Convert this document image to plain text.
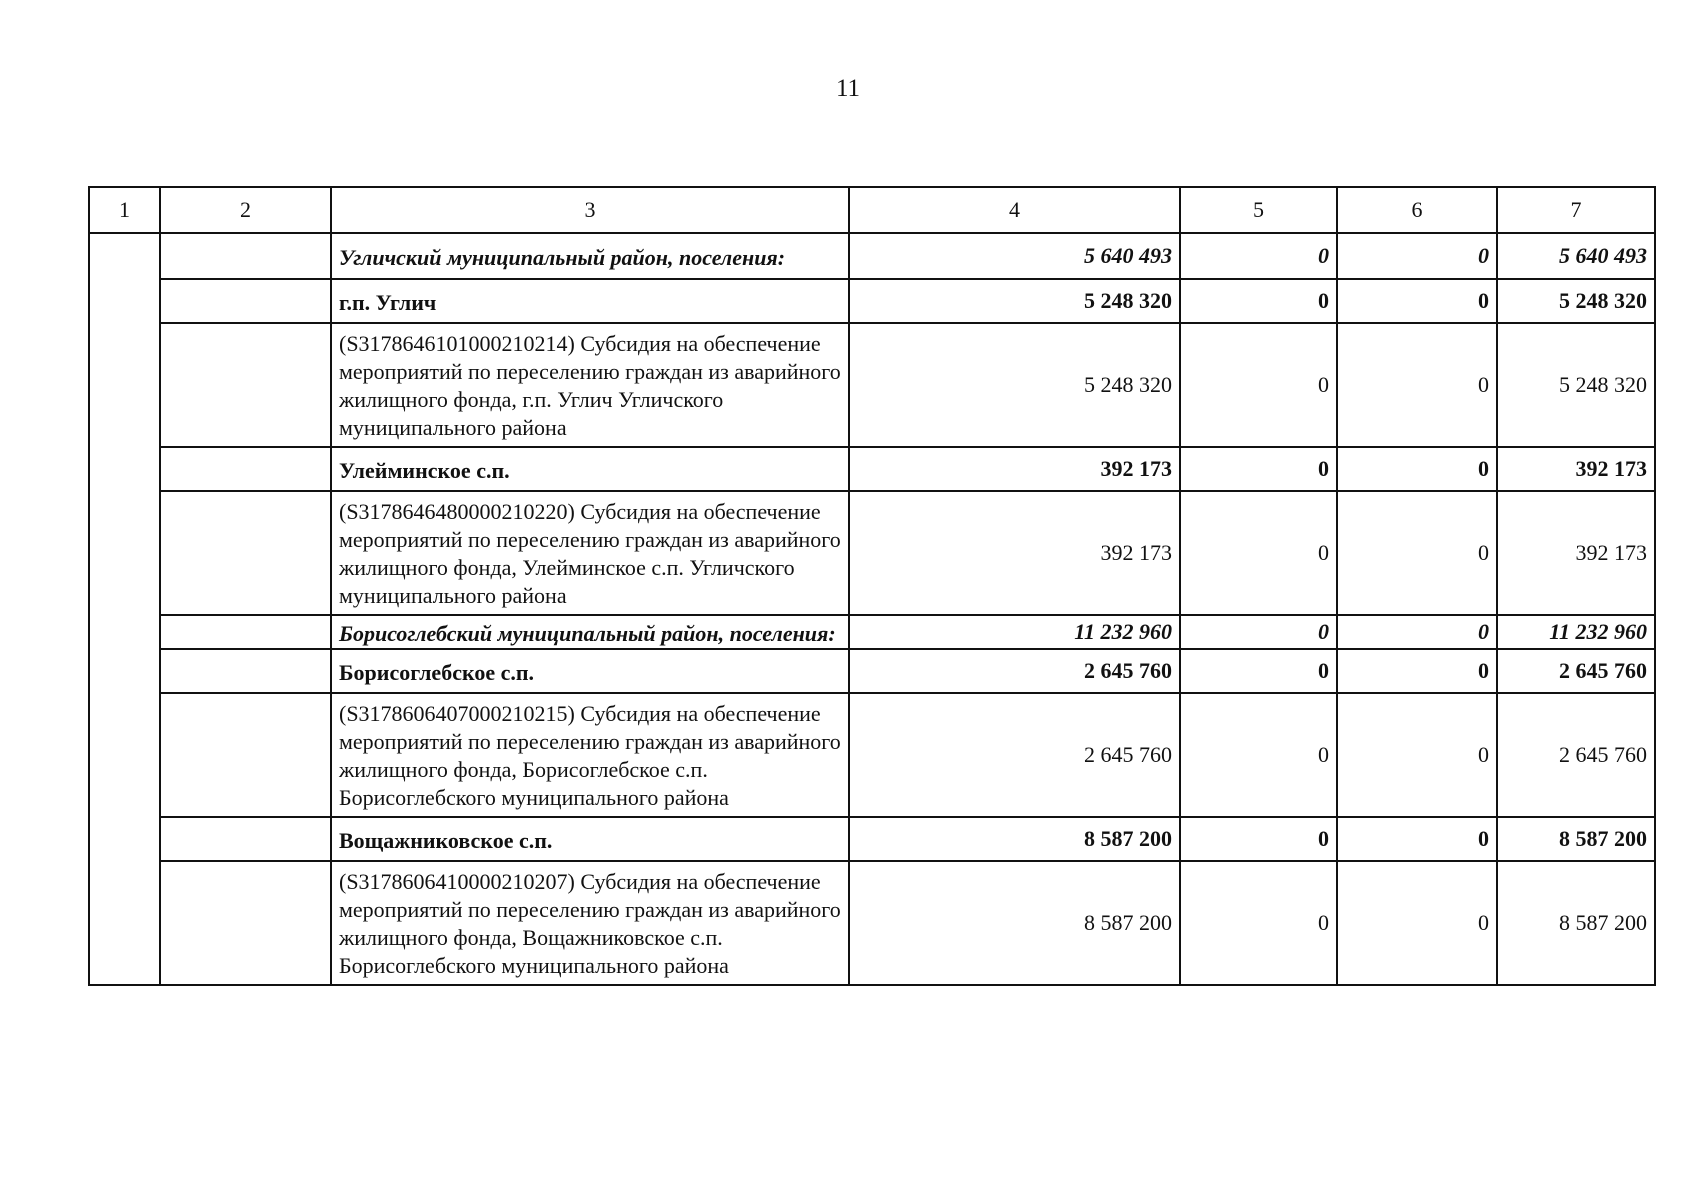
11
1	2	3	4	5	6	7
		Угличский муниципальный район, поселения:	5 640 493	0	0	5 640 493
		г.п. Углич	5 248 320	0	0	5 248 320
		(S3178646101000210214) Субсидия на обеспечение мероприятий по переселению граждан из аварийного жилищного фонда, г.п. Углич Угличского муниципального района	5 248 320	0	0	5 248 320
		Улейминское с.п.	392 173	0	0	392 173
		(S3178646480000210220) Субсидия на обеспечение мероприятий по переселению граждан из аварийного жилищного фонда, Улейминское с.п. Угличского муниципального района	392 173	0	0	392 173
		Борисоглебский муниципальный район, поселения:	11 232 960	0	0	11 232 960
		Борисоглебское с.п.	2 645 760	0	0	2 645 760
		(S3178606407000210215) Субсидия на обеспечение мероприятий по переселению граждан из аварийного жилищного фонда, Борисоглебское с.п. Борисоглебского муниципального района	2 645 760	0	0	2 645 760
		Вощажниковское с.п.	8 587 200	0	0	8 587 200
		(S3178606410000210207) Субсидия на обеспечение мероприятий по переселению граждан из аварийного жилищного фонда, Вощажниковское с.п. Борисоглебского муниципального района	8 587 200	0	0	8 587 200
